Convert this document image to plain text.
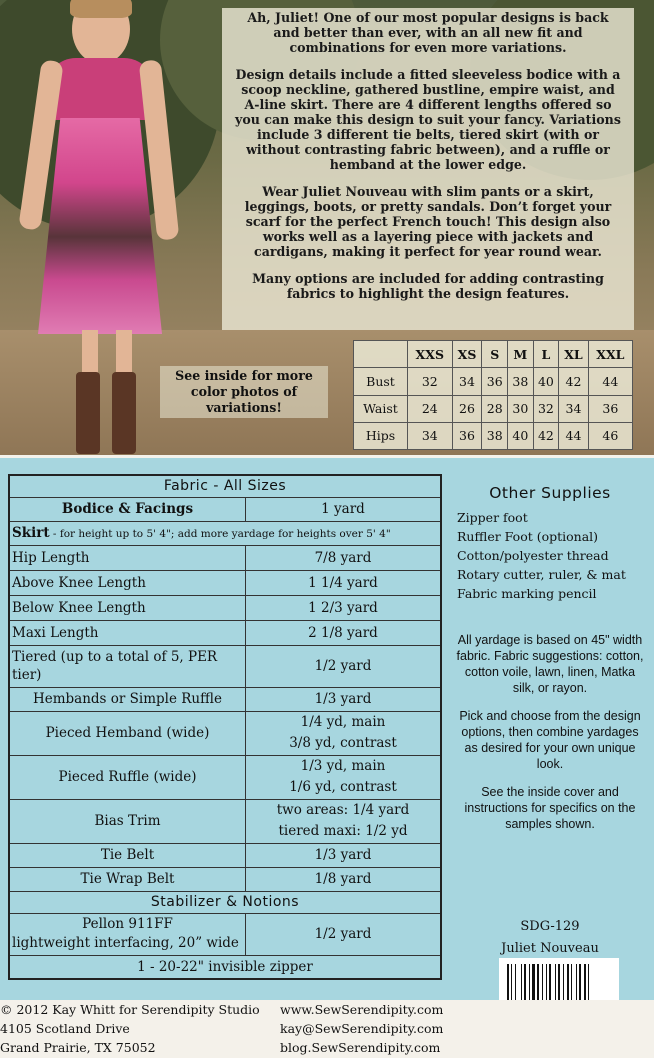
Ah, Juliet! One of our most popular designs is back and better than ever, with an all new fit and combinations for even more variations.

Design details include a fitted sleeveless bodice with a scoop neckline, gathered bustline, empire waist, and A-line skirt. There are 4 different lengths offered so you can make this design to suit your fancy. Variations include 3 different tie belts, tiered skirt (with or without contrasting fabric between), and a ruffle or hemband at the lower edge.

Wear Juliet Nouveau with slim pants or a skirt, leggings, boots, or pretty sandals. Don’t forget your scarf for the perfect French touch! This design also works well as a layering piece with jackets and cardigans, making it perfect for year round wear.

Many options are included for adding contrasting fabrics to highlight the design features.

See inside for more color photos of variations!
	XXS	XS	S	M	L	XL	XXL
Bust	32	34	36	38	40	42	44
Waist	24	26	28	30	32	34	36
Hips	34	36	38	40	42	44	46
Fabric - All Sizes	
Bodice & Facings	1 yard
Skirt - for height up to 5' 4"; add more yardage for heights over 5' 4"	
Hip Length	7/8 yard
Above Knee Length	1 1/4 yard
Below Knee Length	1 2/3 yard
Maxi Length	2 1/8 yard
Tiered (up to a total of 5, PER tier)	1/2 yard
Hembands or Simple Ruffle	1/3 yard
Pieced Hemband (wide)	1/4 yd, main
3/8 yd, contrast

Pieced Ruffle (wide)	1/3 yd, main
1/6 yd, contrast

Bias Trim	two areas: 1/4 yard
tiered maxi: 1/2 yd

Tie Belt	1/3 yard
Tie Wrap Belt	1/8 yard
Stabilizer & Notions	

Pellon 911FF
lightweight interfacing, 20” wide	1/2 yard
1 - 20-22" invisible zipper	
Other Supplies
Zipper foot
Ruffler Foot (optional)
Cotton/polyester thread
Rotary cutter, ruler, & mat
Fabric marking pencil

All yardage is based on 45" width fabric. Fabric suggestions: cotton, cotton voile, lawn, linen, Matka silk, or rayon.

Pick and choose from the design options, then combine yardages as desired for your own unique look.

See the inside cover and instructions for specifics on the samples shown.

SDG-129
Juliet Nouveau
© 2012 Kay Whitt for Serendipity Studio
4105 Scotland Drive
Grand Prairie, TX 75052
www.SewSerendipity.com
kay@SewSerendipity.com
blog.SewSerendipity.com
